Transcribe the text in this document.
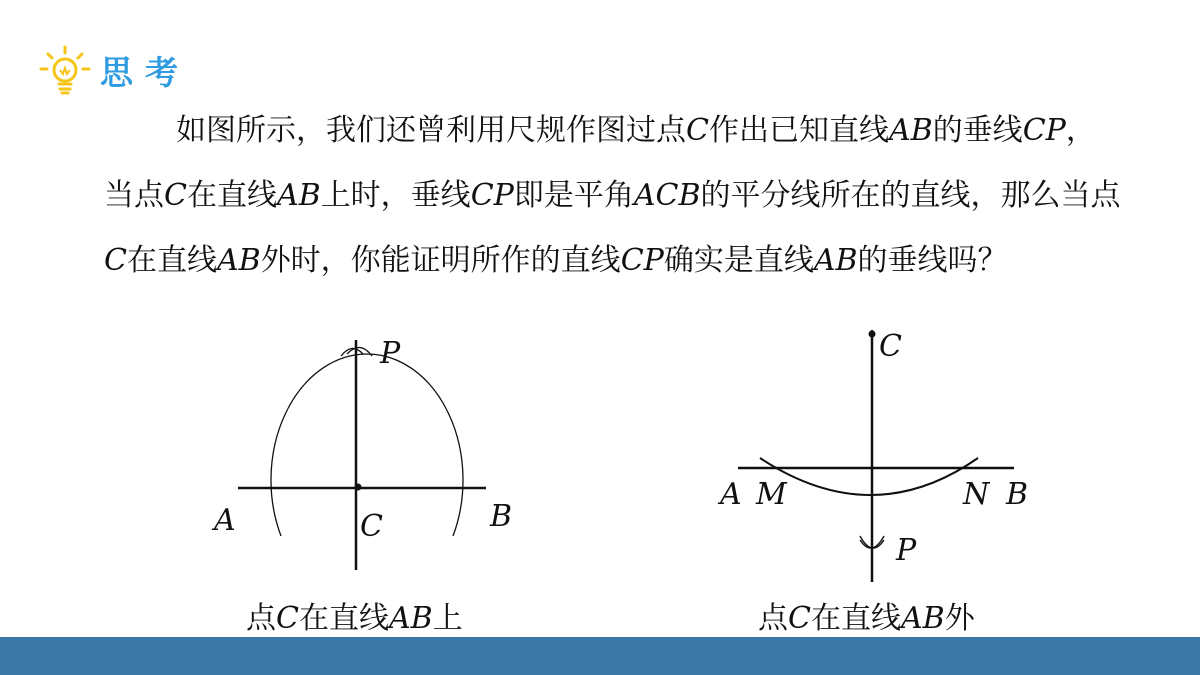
思考

如图所示，我们还曾利用尺规作图过点C作出已知直线AB的垂线CP，当点C在直线AB上时，垂线CP即是平角ACB的平分线所在的直线，那么当点C在直线AB外时，你能证明所作的直线CP确实是直线AB的垂线吗？

P
A	C	B
点C在直线AB上
C
A M	N B
P
点C在直线AB外
